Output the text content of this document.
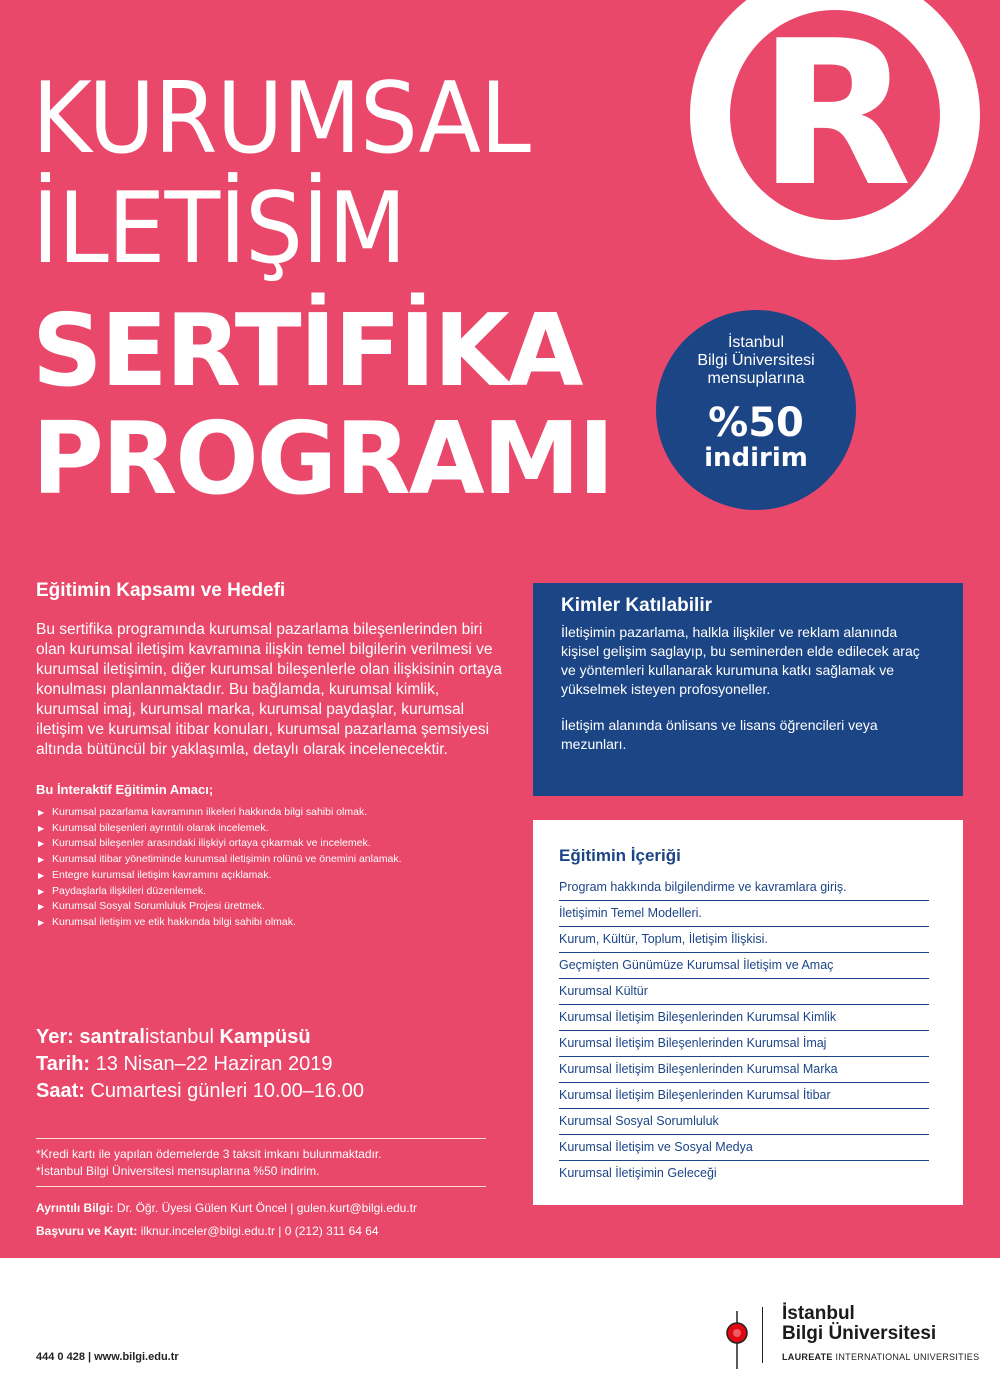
R
KURUMSAL
İLETİŞİM
SERTİFİKA
PROGRAMI
İstanbul
Bilgi Üniversitesi
mensuplarına
%50
indirim
Eğitimin Kapsamı ve Hedefi

Bu sertifika programında kurumsal pazarlama bileşenlerinden biri olan kurumsal iletişim kavramına ilişkin temel bilgilerin verilmesi ve kurumsal iletişimin, diğer kurumsal bileşenlerle olan ilişkisinin ortaya konulması planlanmaktadır. Bu bağlamda, kurumsal kimlik, kurumsal imaj, kurumsal marka, kurumsal paydaşlar, kurumsal iletişim ve kurumsal itibar konuları, kurumsal pazarlama şemsiyesi altında bütüncül bir yaklaşımla, detaylı olarak incelenecektir.

Bu İnteraktif Eğitimin Amacı;
▶ Kurumsal pazarlama kavramının ilkeleri hakkında bilgi sahibi olmak.
▶ Kurumsal bileşenleri ayrıntılı olarak incelemek.
▶ Kurumsal bileşenler arasındaki ilişkiyi ortaya çıkarmak ve incelemek.
▶ Kurumsal itibar yönetiminde kurumsal iletişimin rolünü ve önemini anlamak.
▶ Entegre kurumsal iletişim kavramını açıklamak.
▶ Paydaşlarla ilişkileri düzenlemek.
▶ Kurumsal Sosyal Sorumluluk Projesi üretmek.
▶ Kurumsal iletişim ve etik hakkında bilgi sahibi olmak.
Yer: santralistanbul Kampüsü
Tarih: 13 Nisan–22 Haziran 2019
Saat: Cumartesi günleri 10.00–16.00
*Kredi kartı ile yapılan ödemelerde 3 taksit imkanı bulunmaktadır.
*İstanbul Bilgi Üniversitesi mensuplarına %50 indirim.
Ayrıntılı Bilgi: Dr. Öğr. Üyesi Gülen Kurt Öncel | gulen.kurt@bilgi.edu.tr
Başvuru ve Kayıt: ilknur.inceler@bilgi.edu.tr | 0 (212) 311 64 64
Kimler Katılabilir

İletişimin pazarlama, halkla ilişkiler ve reklam alanında kişisel gelişim saglayıp, bu seminerden elde edilecek araç ve yöntemleri kullanarak kurumuna katkı sağlamak ve yükselmek isteyen profosyoneller.

İletişim alanında önlisans ve lisans öğrencileri veya mezunları.

Eğitimin İçeriği
Program hakkında bilgilendirme ve kavramlara giriş.
İletişimin Temel Modelleri.
Kurum, Kültür, Toplum, İletişim İlişkisi.
Geçmişten Günümüze Kurumsal İletişim ve Amaç
Kurumsal Kültür
Kurumsal İletişim Bileşenlerinden Kurumsal Kimlik
Kurumsal İletişim Bileşenlerinden Kurumsal İmaj
Kurumsal İletişim Bileşenlerinden Kurumsal Marka
Kurumsal İletişim Bileşenlerinden Kurumsal İtibar
Kurumsal Sosyal Sorumluluk
Kurumsal İletişim ve Sosyal Medya
Kurumsal İletişimin Geleceği
444 0 428 | www.bilgi.edu.tr
İstanbul
Bilgi Üniversitesi
LAUREATE INTERNATIONAL UNIVERSITIES
